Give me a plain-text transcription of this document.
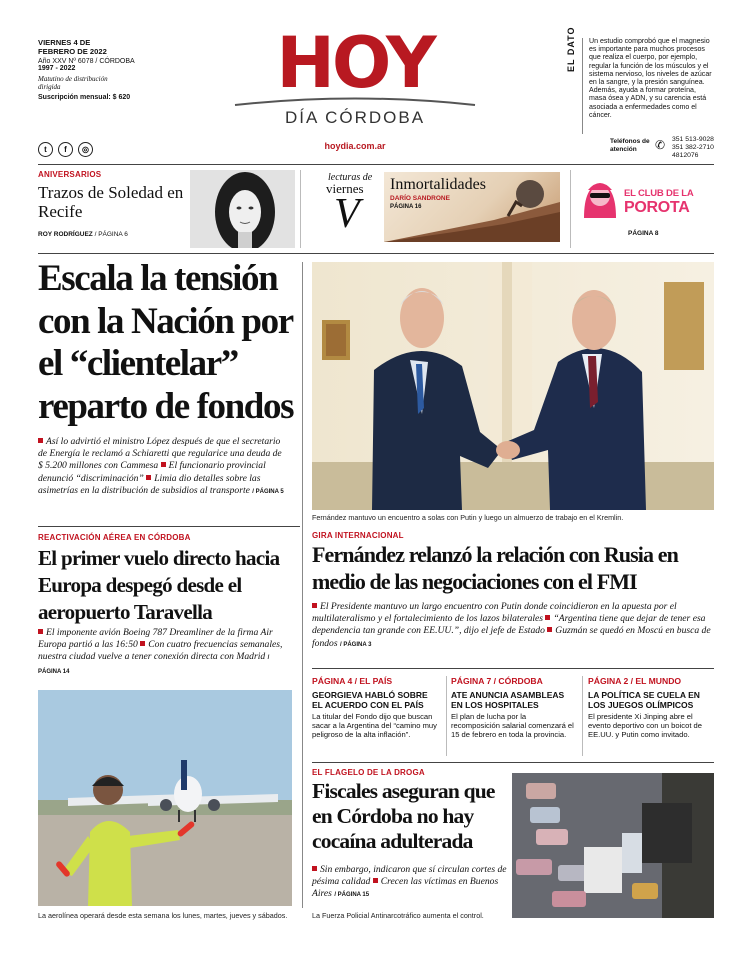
VIERNES 4 DE FEBRERO DE 2022
Año XXV Nº 6078 / CÓRDOBA
1997 - 2022
Matutino de distribución dirigida
Suscripción mensual: $ 620
t f ◎
HOY
DÍA CÓRDOBA
hoydia.com.ar
EL DATO Un estudio comprobó que el magnesio es importante para muchos procesos que realiza el cuerpo, por ejemplo, regular la función de los músculos y el sistema nervioso, los niveles de azúcar en la sangre, y la presión sanguínea. Además, ayuda a formar proteína, masa ósea y ADN, y su carencia está asociada a enfermedades como el cáncer.
Teléfonos de atención	✆ 351 513-9028
351 382-2710
4812076
ANIVERSARIOS
Trazos de Soledad en Recife
ROY RODRÍGUEZ / PÁGINA 6
lecturas de
viernes
V
Inmortalidades
DARÍO SANDRONE
PÁGINA 16
EL CLUB DE LA
POROTA
PÁGINA 8
Escala la tensión con la Nación por el “clientelar” reparto de fondos
Así lo advirtió el ministro López después de que el secretario de Energía le reclamó a Schiaretti que regularice una deuda de $ 5.200 millones con Cammesa El funcionario provincial denunció “discriminación” Limia dio detalles sobre las asimetrías en la distribución de subsidios al transporte / PÁGINA 5
Fernández mantuvo un encuentro a solas con Putin y luego un almuerzo de trabajo en el Kremlin.
GIRA INTERNACIONAL
Fernández relanzó la relación con Rusia en medio de las negociaciones con el FMI
El Presidente mantuvo un largo encuentro con Putin donde coincidieron en la apuesta por el multilateralismo y el fortalecimiento de los lazos bilaterales “Argentina tiene que dejar de tener esa dependencia tan grande con EE.UU.”, dijo el jefe de Estado Guzmán se quedó en Moscú en busca de fondos / PÁGINA 3
PÁGINA 4 / EL PAÍS
GEORGIEVA HABLÓ SOBRE EL ACUERDO CON EL PAÍS
La titular del Fondo dijo que buscan sacar a la Argentina del “camino muy peligroso de la alta inflación”.
PÁGINA 7 / CÓRDOBA
ATE ANUNCIA ASAMBLEAS EN LOS HOSPITALES
El plan de lucha por la recomposición salarial comenzará el 15 de febrero en toda la provincia.
PÁGINA 2 / EL MUNDO
LA POLÍTICA SE CUELA EN LOS JUEGOS OLÍMPICOS
El presidente Xi Jinping abre el evento deportivo con un boicot de EE.UU. y Putin como invitado.
EL FLAGELO DE LA DROGA
Fiscales aseguran que en Córdoba no hay cocaína adulterada
Sin embargo, indicaron que sí circulan cortes de pésima calidad Crecen las víctimas en Buenos Aires / PÁGINA 15
La Fuerza Policial Antinarcotráfico aumenta el control.
REACTIVACIÓN AÉREA EN CÓRDOBA
El primer vuelo directo hacia Europa despegó desde el aeropuerto Taravella
El imponente avión Boeing 787 Dreamliner de la firma Air Europa partió a las 16:50 Con cuatro frecuencias semanales, nuestra ciudad vuelve a tener conexión directa con Madrid / PÁGINA 14
La aerolínea operará desde esta semana los lunes, martes, jueves y sábados.
